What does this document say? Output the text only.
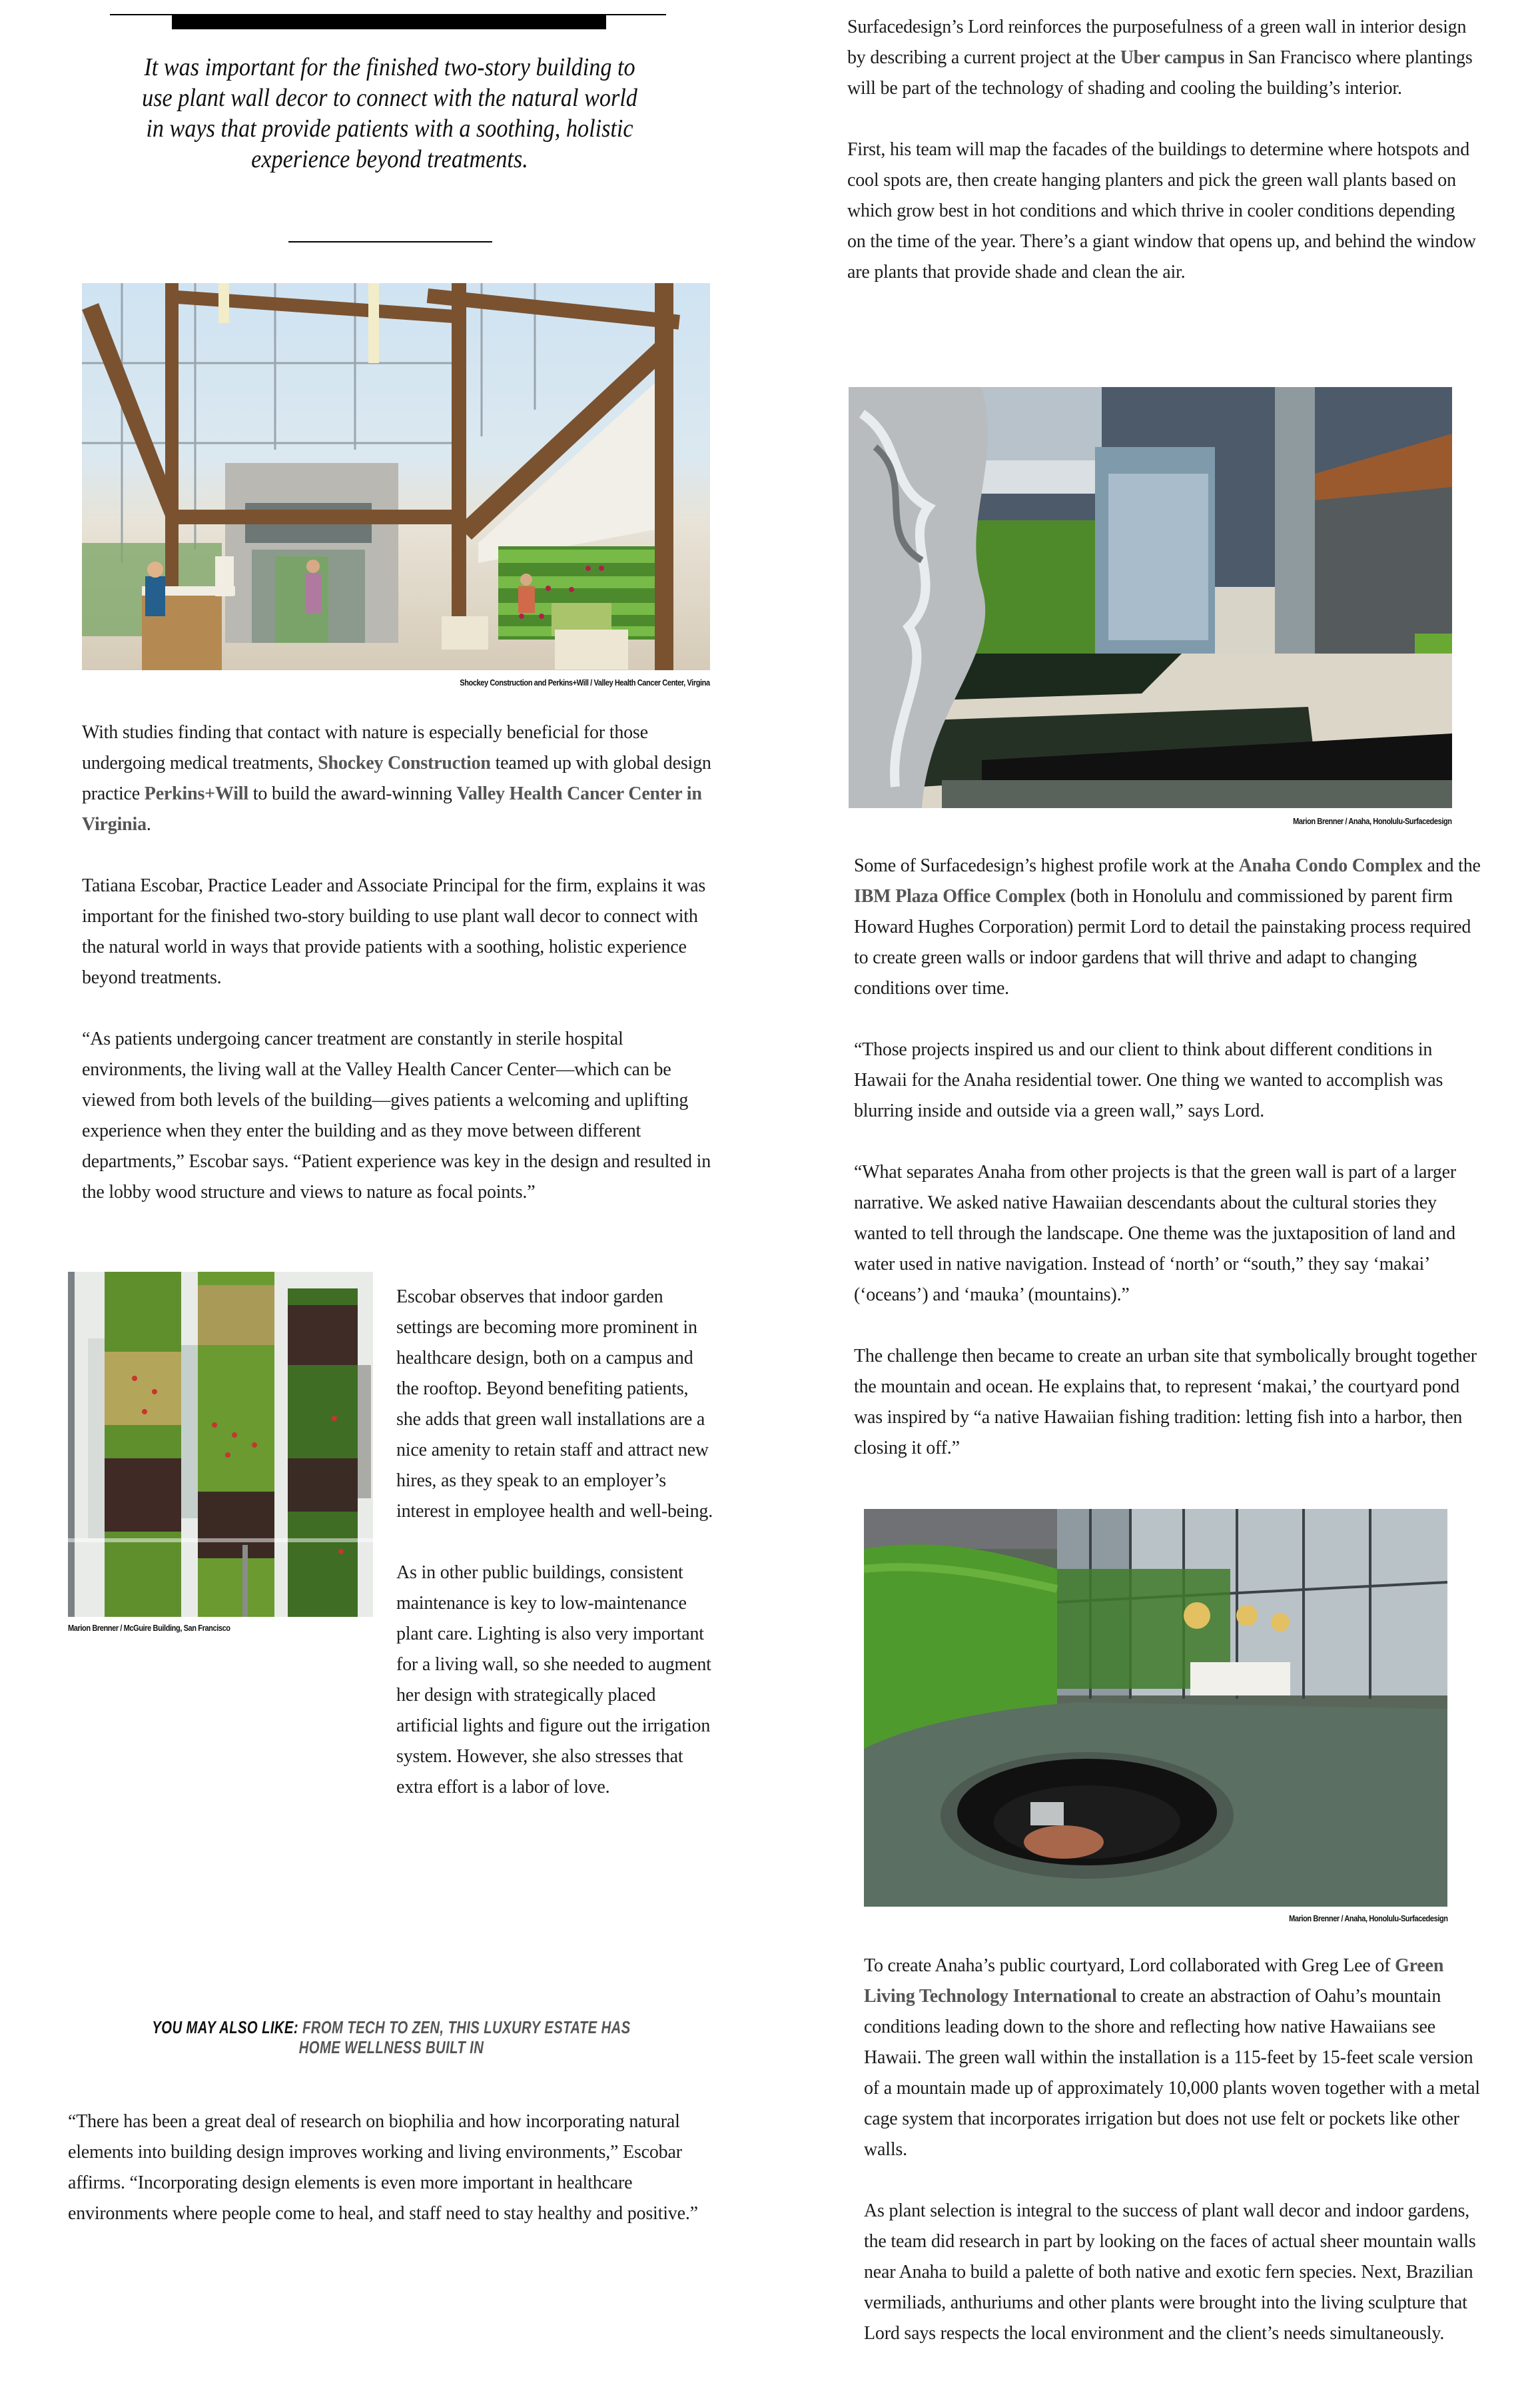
It was important for the finished two-story building to use plant wall decor to connect with the natural world in ways that provide patients with a soothing, holistic experience beyond treatments.

Shockey Construction and Perkins+Will / Valley Health Cancer Center, Virgina

With studies finding that contact with nature is especially beneficial for those undergoing medical treatments, Shockey Construction teamed up with global design practice Perkins+Will to build the award-winning Valley Health Cancer Center in Virginia.

Tatiana Escobar, Practice Leader and Associate Principal for the firm, explains it was important for the finished two-story building to use plant wall decor to connect with the natural world in ways that provide patients with a soothing, holistic experience beyond treatments.

“As patients undergoing cancer treatment are constantly in sterile hospital environments, the living wall at the Valley Health Cancer Center—which can be viewed from both levels of the building—gives patients a welcoming and uplifting experience when they enter the building and as they move between different departments,” Escobar says. “Patient experience was key in the design and resulted in the lobby wood structure and views to nature as focal points.”

Marion Brenner / McGuire Building, San Francisco

Escobar observes that indoor garden settings are becoming more prominent in healthcare design, both on a campus and the rooftop. Beyond benefiting patients, she adds that green wall installations are a nice amenity to retain staff and attract new hires, as they speak to an employer’s interest in employee health and well-being.

As in other public buildings, consistent maintenance is key to low-maintenance plant care. Lighting is also very important for a living wall, so she needed to augment her design with strategically placed artificial lights and figure out the irrigation system. However, she also stresses that extra effort is a labor of love.

YOU MAY ALSO LIKE: FROM TECH TO ZEN, THIS LUXURY ESTATE HAS HOME WELLNESS BUILT IN

“There has been a great deal of research on biophilia and how incorporating natural elements into building design improves working and living environments,” Escobar affirms. “Incorporating design elements is even more important in healthcare environments where people come to heal, and staff need to stay healthy and positive.”

Surfacedesign’s Lord reinforces the purposefulness of a green wall in interior design by describing a current project at the Uber campus in San Francisco where plantings will be part of the technology of shading and cooling the building’s interior.

First, his team will map the facades of the buildings to determine where hotspots and cool spots are, then create hanging planters and pick the green wall plants based on which grow best in hot conditions and which thrive in cooler conditions depending on the time of the year. There’s a giant window that opens up, and behind the window are plants that provide shade and clean the air.

Marion Brenner / Anaha, Honolulu-Surfacedesign

Some of Surfacedesign’s highest profile work at the Anaha Condo Complex and the IBM Plaza Office Complex (both in Honolulu and commissioned by parent firm Howard Hughes Corporation) permit Lord to detail the painstaking process required to create green walls or indoor gardens that will thrive and adapt to changing conditions over time.

“Those projects inspired us and our client to think about different conditions in Hawaii for the Anaha residential tower. One thing we wanted to accomplish was blurring inside and outside via a green wall,” says Lord.

“What separates Anaha from other projects is that the green wall is part of a larger narrative. We asked native Hawaiian descendants about the cultural stories they wanted to tell through the landscape. One theme was the juxtaposition of land and water used in native navigation. Instead of ‘north’ or “south,” they say ‘makai’ (‘oceans’) and ‘mauka’ (mountains).”

The challenge then became to create an urban site that symbolically brought together the mountain and ocean. He explains that, to represent ‘makai,’ the courtyard pond was inspired by “a native Hawaiian fishing tradition: letting fish into a harbor, then closing it off.”

Marion Brenner / Anaha, Honolulu-Surfacedesign

To create Anaha’s public courtyard, Lord collaborated with Greg Lee of Green Living Technology International to create an abstraction of Oahu’s mountain conditions leading down to the shore and reflecting how native Hawaiians see Hawaii. The green wall within the installation is a 115-feet by 15-feet scale version of a mountain made up of approximately 10,000 plants woven together with a metal cage system that incorporates irrigation but does not use felt or pockets like other walls.

As plant selection is integral to the success of plant wall decor and indoor gardens, the team did research in part by looking on the faces of actual sheer mountain walls near Anaha to build a palette of both native and exotic fern species. Next, Brazilian vermiliads, anthuriums and other plants were brought into the living sculpture that Lord says respects the local environment and the client’s needs simultaneously.
